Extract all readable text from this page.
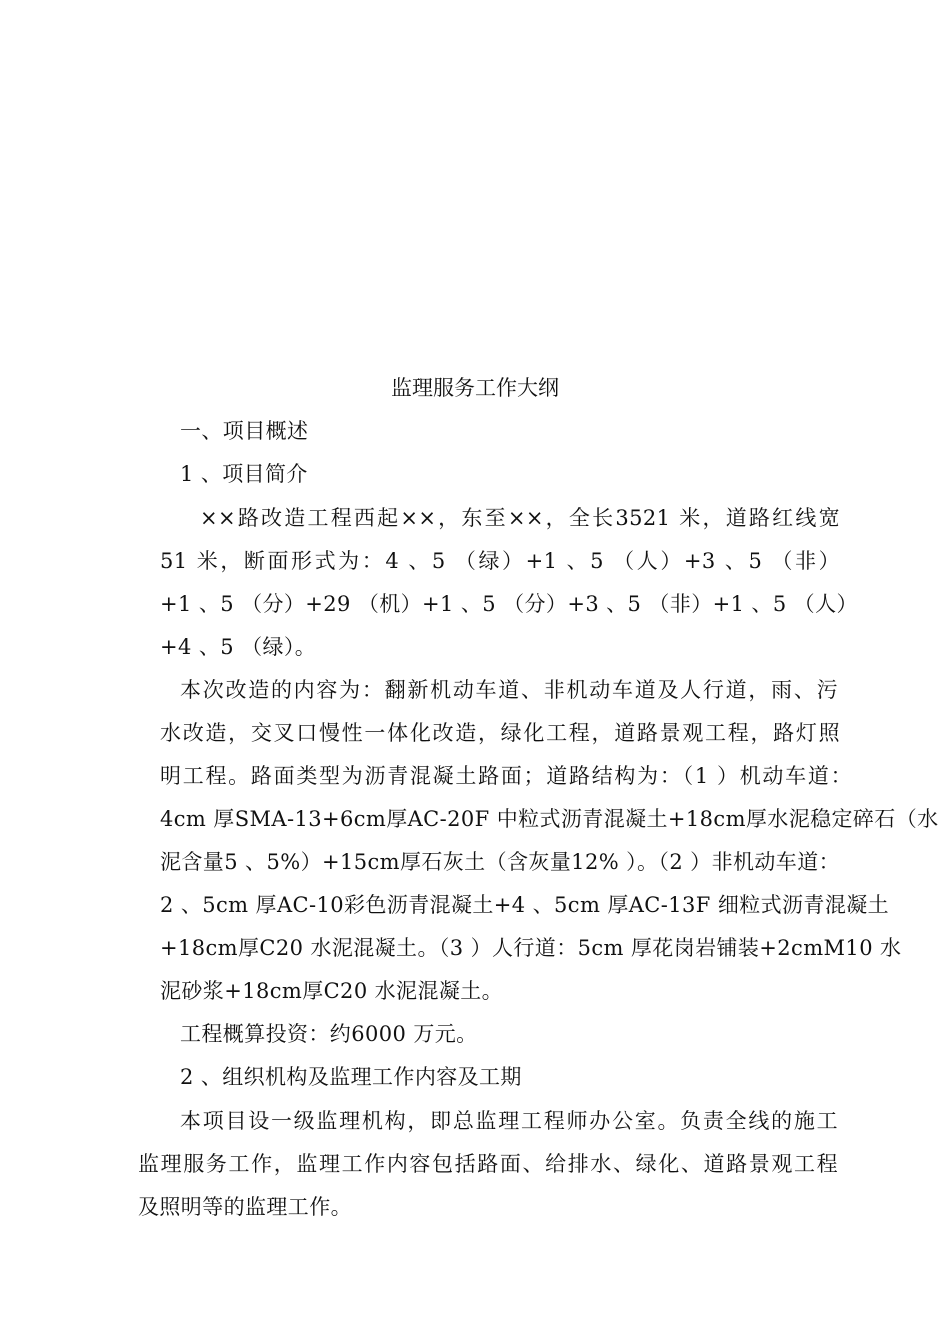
监理服务工作大纲
一、项目概述
1 、项目简介
××路改造工程西起××，东至××，全长3521 米，道路红线宽
51 米，断面形式为：4 、5 （绿）+1 、5 （人）+3 、5 （非）
+1 、5 （分）+29 （机）+1 、5 （分）+3 、5 （非）+1 、5 （人）
+4 、5 （绿）。
本次改造的内容为：翻新机动车道、非机动车道及人行道，雨、污
水改造，交叉口慢性一体化改造，绿化工程，道路景观工程，路灯照
明工程。路面类型为沥青混凝土路面；道路结构为：（1 ）机动车道：
4cm 厚SMA-13+6cm厚AC-20F 中粒式沥青混凝土+18cm厚水泥稳定碎石（水
泥含量5 、5%）+15cm厚石灰土（含灰量12% ）。（2 ）非机动车道：
2 、5cm 厚AC-10彩色沥青混凝土+4 、5cm 厚AC-13F 细粒式沥青混凝土
+18cm厚C20 水泥混凝土。（3 ）人行道：5cm 厚花岗岩铺装+2cmM10 水
泥砂浆+18cm厚C20 水泥混凝土。
工程概算投资：约6000 万元。
2 、组织机构及监理工作内容及工期
本项目设一级监理机构，即总监理工程师办公室。负责全线的施工
监理服务工作，监理工作内容包括路面、给排水、绿化、道路景观工程
及照明等的监理工作。
